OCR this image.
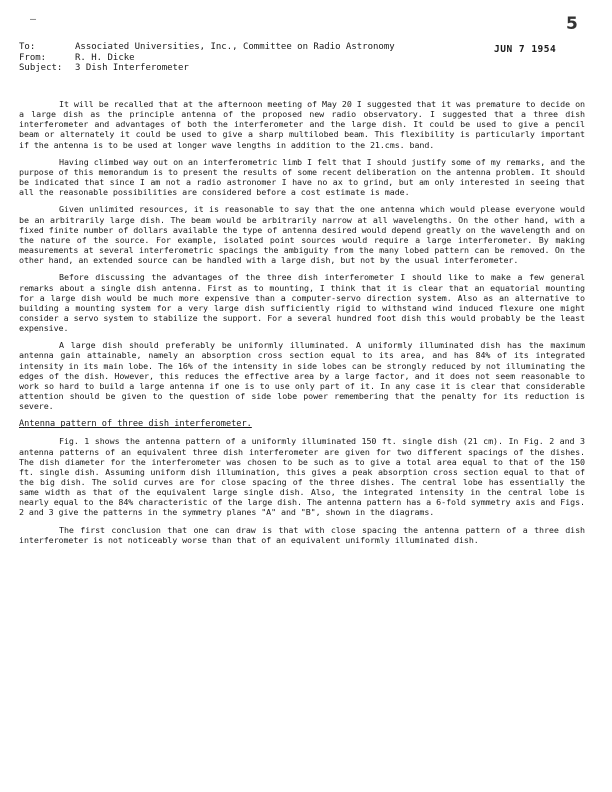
—	5
JUN 7 1954
To:	Associated Universities, Inc., Committee on Radio Astronomy
From:	R. H. Dicke
Subject:	3 Dish Interferometer

It will be recalled that at the afternoon meeting of May 20 I suggested that it was premature to decide on a large dish as the principle antenna of the proposed new radio observatory. I suggested that a three dish interferometer and advantages of both the interferometer and the large dish. It could be used to give a pencil beam or alternately it could be used to give a sharp multilobed beam. This flexibility is particularly important if the antenna is to be used at longer wave lengths in addition to the 21.cms. band.

Having climbed way out on an interferometric limb I felt that I should justify some of my remarks, and the purpose of this memorandum is to present the results of some recent deliberation on the antenna problem. It should be indicated that since I am not a radio astronomer I have no ax to grind, but am only interested in seeing that all the reasonable possibilities are considered before a cost estimate is made.

Given unlimited resources, it is reasonable to say that the one antenna which would please everyone would be an arbitrarily large dish. The beam would be arbitrarily narrow at all wavelengths. On the other hand, with a fixed finite number of dollars available the type of antenna desired would depend greatly on the wavelength and on the nature of the source. For example, isolated point sources would require a large interferometer. By making measurements at several interferometric spacings the ambiguity from the many lobed pattern can be removed. On the other hand, an extended source can be handled with a large dish, but not by the usual interferometer.

Before discussing the advantages of the three dish interferometer I should like to make a few general remarks about a single dish antenna. First as to mounting, I think that it is clear that an equatorial mounting for a large dish would be much more expensive than a computer-servo direction system. Also as an alternative to building a mounting system for a very large dish sufficiently rigid to withstand wind induced flexure one might consider a servo system to stabilize the support. For a several hundred foot dish this would probably be the least expensive.

A large dish should preferably be uniformly illuminated. A uniformly illuminated dish has the maximum antenna gain attainable, namely an absorption cross section equal to its area, and has 84% of its integrated intensity in its main lobe. The 16% of the intensity in side lobes can be strongly reduced by not illuminating the edges of the dish. However, this reduces the effective area by a large factor, and it does not seem reasonable to work so hard to build a large antenna if one is to use only part of it. In any case it is clear that considerable attention should be given to the question of side lobe power remembering that the penalty for its reduction is severe.

Antenna pattern of three dish interferometer.

Fig. 1 shows the antenna pattern of a uniformly illuminated 150 ft. single dish (21 cm). In Fig. 2 and 3 antenna patterns of an equivalent three dish interferometer are given for two different spacings of the dishes. The dish diameter for the interferometer was chosen to be such as to give a total area equal to that of the 150 ft. single dish. Assuming uniform dish illumination, this gives a peak absorption cross section equal to that of the big dish. The solid curves are for close spacing of the three dishes. The central lobe has essentially the same width as that of the equivalent large single dish. Also, the integrated intensity in the central lobe is nearly equal to the 84% characteristic of the large dish. The antenna pattern has a 6-fold symmetry axis and Figs. 2 and 3 give the patterns in the symmetry planes "A" and "B", shown in the diagrams.

The first conclusion that one can draw is that with close spacing the antenna pattern of a three dish interferometer is not noticeably worse than that of an equivalent uniformly illuminated dish.
